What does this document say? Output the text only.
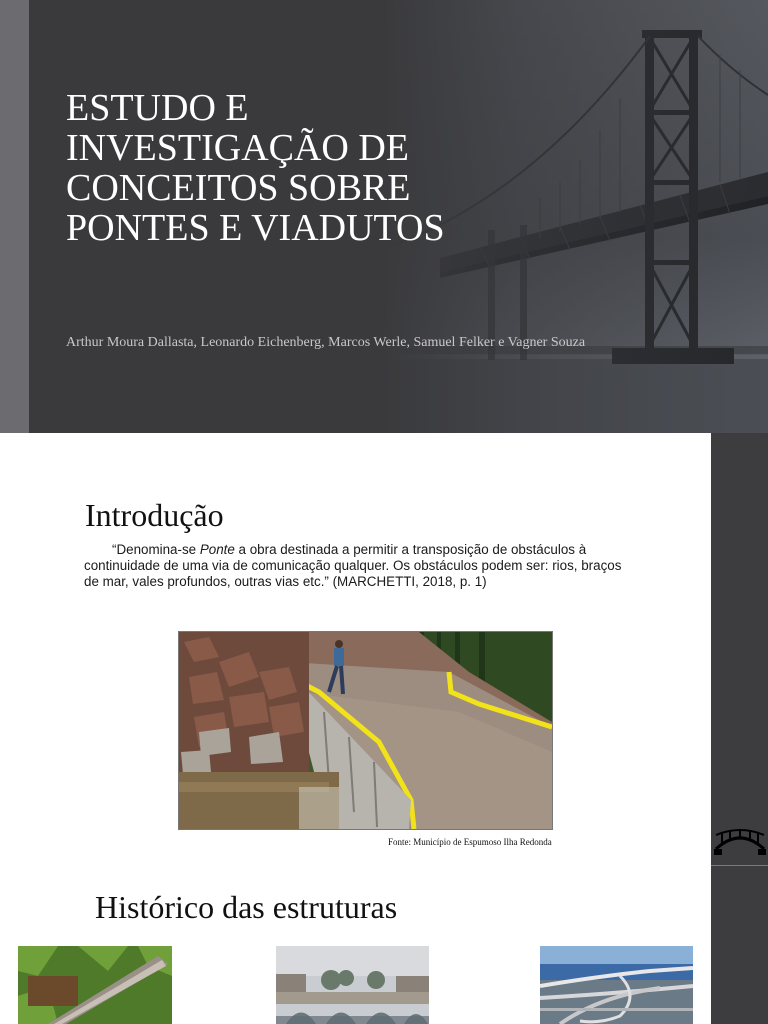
ESTUDO E
INVESTIGAÇÃO DE
CONCEITOS SOBRE
PONTES E VIADUTOS
Arthur Moura Dallasta, Leonardo Eichenberg, Marcos Werle, Samuel Felker e Vagner Souza
Introdução

“Denomina-se Ponte a obra destinada a permitir a transposição de obstáculos à continuidade de uma via de comunicação qualquer. Os obstáculos podem ser: rios, braços de mar, vales profundos, outras vias etc.” (MARCHETTI, 2018, p. 1)

Fonte: Município de Espumoso Ilha Redonda
Histórico das estruturas
